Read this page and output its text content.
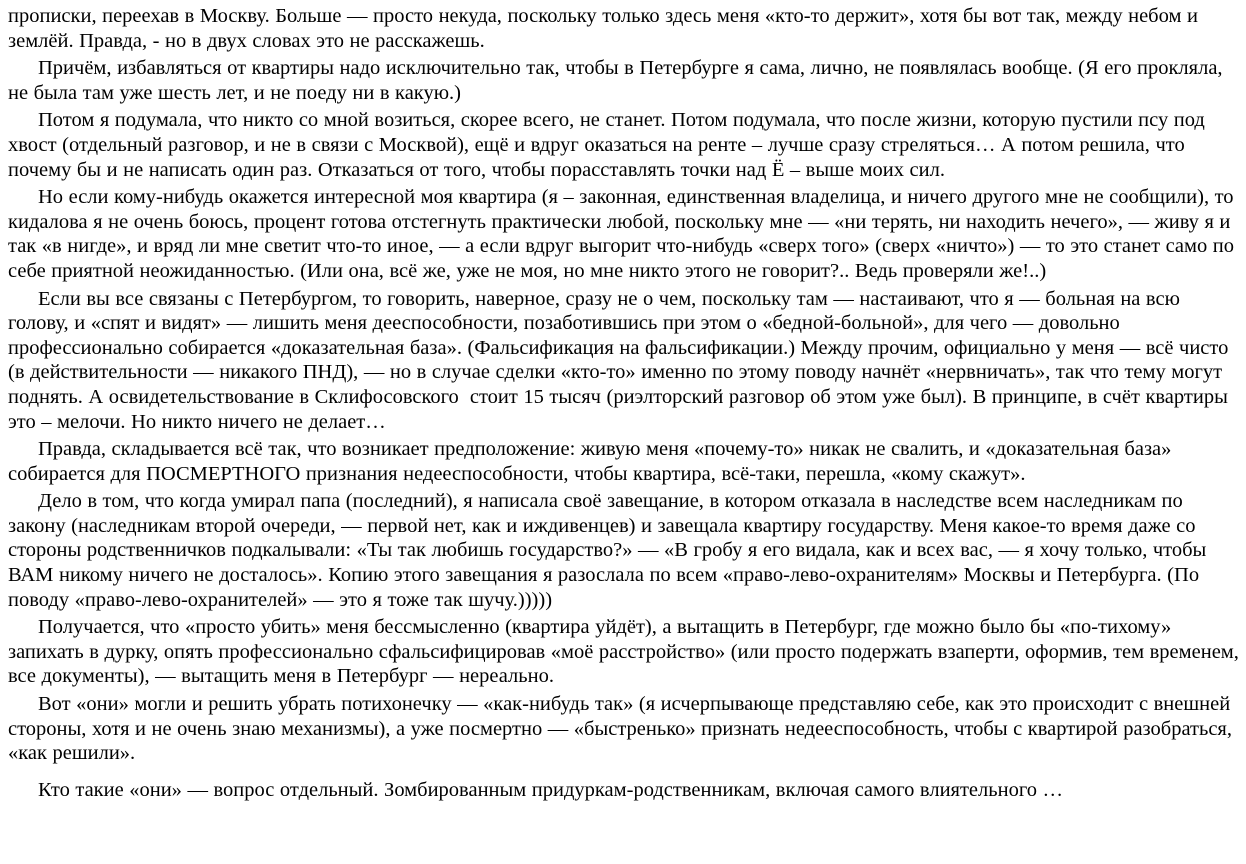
прописки, переехав в Москву. Больше — просто некуда, поскольку только здесь меня «кто-то держит», хотя бы вот так, между небом и землёй. Правда, - но в двух словах это не расскажешь.

Причём, избавляться от квартиры надо исключительно так, чтобы в Петербурге я сама, лично, не появлялась вообще. (Я его прокляла, не была там уже шесть лет, и не поеду ни в какую.)

Потом я подумала, что никто со мной возиться, скорее всего, не станет. Потом подумала, что после жизни, которую пустили псу под хвост (отдельный разговор, и не в связи с Москвой), ещё и вдруг оказаться на ренте – лучше сразу стреляться… А потом решила, что почему бы и не написать один раз. Отказаться от того, чтобы порасставлять точки над Ё – выше моих сил.

Но если кому-нибудь окажется интересной моя квартира (я – законная, единственная владелица, и ничего другого мне не сообщили), то кидалова я не очень боюсь, процент готова отстегнуть практически любой, поскольку мне — «ни терять, ни находить нечего», — живу я и так «в нигде», и вряд ли мне светит что-то иное, — а если вдруг выгорит что-нибудь «сверх того» (сверх «ничто») — то это станет само по себе приятной неожиданностью. (Или она, всё же, уже не моя, но мне никто этого не говорит?.. Ведь проверяли же!..)

Если вы все связаны с Петербургом, то говорить, наверное, сразу не о чем, поскольку там — настаивают, что я — больная на всю голову, и «спят и видят» — лишить меня дееспособности, позаботившись при этом о «бедной-больной», для чего — довольно профессионально собирается «доказательная база». (Фальсификация на фальсификации.) Между прочим, официально у меня — всё чисто (в действительности — никакого ПНД), — но в случае сделки «кто-то» именно по этому поводу начнёт «нервничать», так что тему могут поднять. А освидетельствование в Склифосовского  стоит 15 тысяч (риэлторский разговор об этом уже был). В принципе, в счёт квартиры это – мелочи. Но никто ничего не делает…

Правда, складывается всё так, что возникает предположение: живую меня «почему-то» никак не свалить, и «доказательная база» собирается для ПОСМЕРТНОГО признания недееспособности, чтобы квартира, всё-таки, перешла, «кому скажут».

Дело в том, что когда умирал папа (последний), я написала своё завещание, в котором отказала в наследстве всем наследникам по закону (наследникам второй очереди, — первой нет, как и иждивенцев) и завещала квартиру государству. Меня какое-то время даже со стороны родственничков подкалывали: «Ты так любишь государство?» — «В гробу я его видала, как и всех вас, — я хочу только, чтобы ВАМ никому ничего не досталось». Копию этого завещания я разослала по всем «право-лево-охранителям» Москвы и Петербурга. (По поводу «право-лево-охранителей» — это я тоже так шучу.)))))

Получается, что «просто убить» меня бессмысленно (квартира уйдёт), а вытащить в Петербург, где можно было бы «по-тихому» запихать в дурку, опять профессионально сфальсифицировав «моё расстройство» (или просто подержать взаперти, оформив, тем временем, все документы), — вытащить меня в Петербург — нереально.

Вот «они» могли и решить убрать потихонечку — «как-нибудь так» (я исчерпывающе представляю себе, как это происходит с внешней стороны, хотя и не очень знаю механизмы), а уже посмертно — «быстренько» признать недееспособность, чтобы с квартирой разобраться, «как решили».

Кто такие «они» — вопрос отдельный. Зомбированным придуркам-родственникам, включая самого влиятельного …
